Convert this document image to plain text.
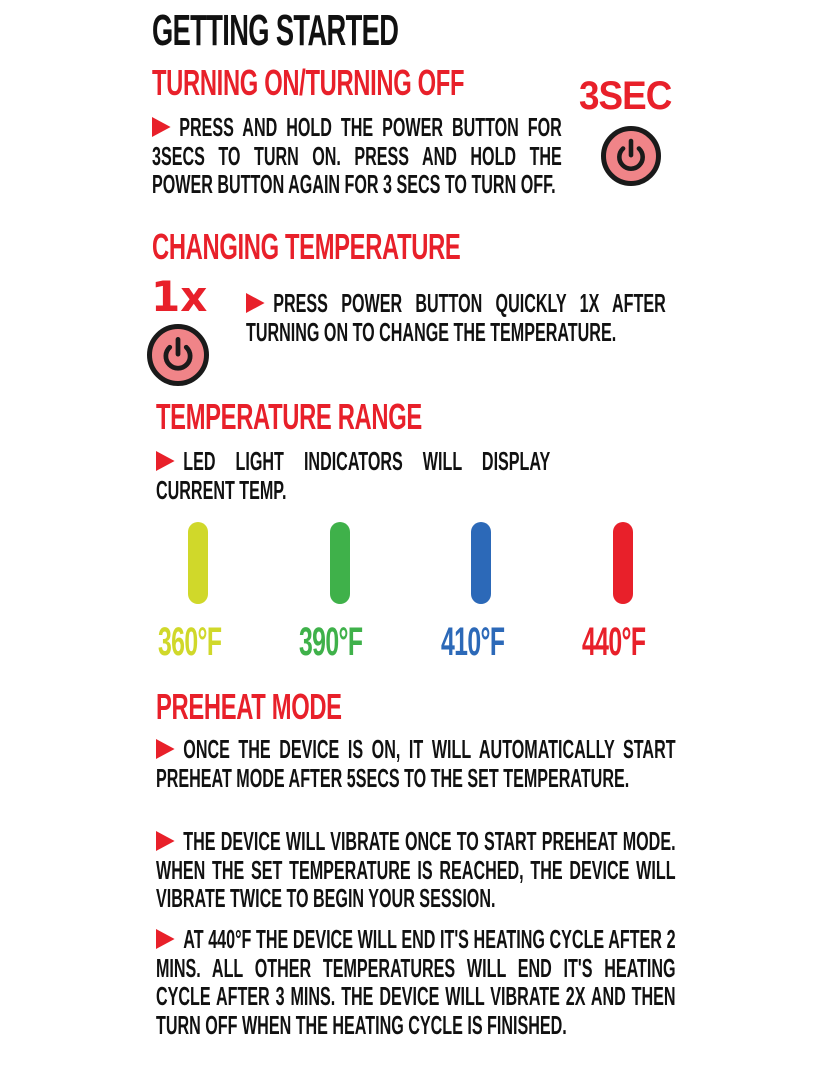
GETTING STARTED
TURNING ON/TURNING OFF	3SEC
PRESS AND HOLD THE POWER BUTTON FOR 3SECS TO TURN ON. PRESS AND HOLD THE POWER BUTTON AGAIN FOR 3 SECS TO TURN OFF.
CHANGING TEMPERATURE
1x	PRESS POWER BUTTON QUICKLY 1X AFTER TURNING ON TO CHANGE THE TEMPERATURE.
TEMPERATURE RANGE
LED LIGHT INDICATORS WILL DISPLAY CURRENT TEMP.
360°F 390°F 410°F 440°F
PREHEAT MODE
ONCE THE DEVICE IS ON, IT WILL AUTOMATICALLY START PREHEAT MODE AFTER 5SECS TO THE SET TEMPERATURE.
THE DEVICE WILL VIBRATE ONCE TO START PREHEAT MODE. WHEN THE SET TEMPERATURE IS REACHED, THE DEVICE WILL VIBRATE TWICE TO BEGIN YOUR SESSION.
AT 440°F THE DEVICE WILL END IT'S HEATING CYCLE AFTER 2 MINS. ALL OTHER TEMPERATURES WILL END IT'S HEATING CYCLE AFTER 3 MINS. THE DEVICE WILL VIBRATE 2X AND THEN TURN OFF WHEN THE HEATING CYCLE IS FINISHED.
